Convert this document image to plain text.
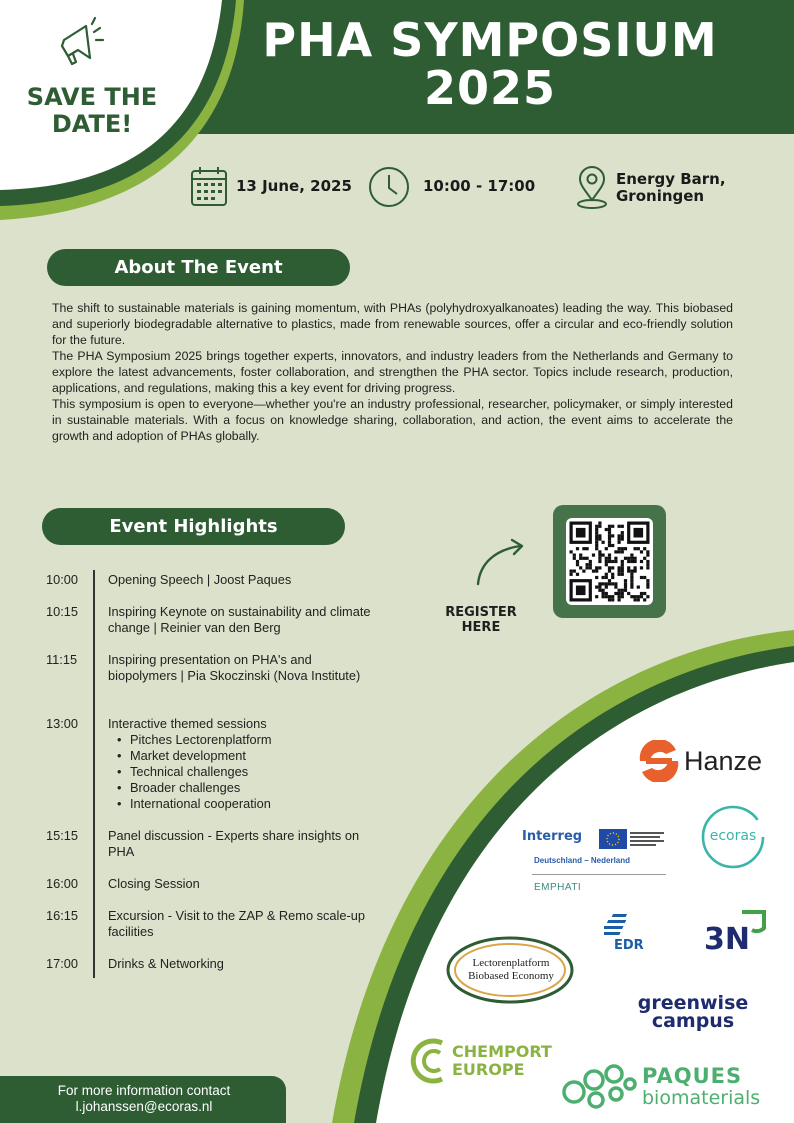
SAVE THE
DATE!
PHA SYMPOSIUM
2025
13 June, 2025	10:00 - 17:00	Energy Barn,
Groningen
About The Event

The shift to sustainable materials is gaining momentum, with PHAs (polyhydroxyalkanoates) leading the way. This biobased and superiorly biodegradable alternative to plastics, made from renewable sources, offer a circular and eco-friendly solution for the future.

The PHA Symposium 2025 brings together experts, innovators, and industry leaders from the Netherlands and Germany to explore the latest advancements, foster collaboration, and strengthen the PHA sector. Topics include research, production, applications, and regulations, making this a key event for driving progress.

This symposium is open to everyone—whether you're an industry professional, researcher, policymaker, or simply interested in sustainable materials. With a focus on knowledge sharing, collaboration, and action, the event aims to accelerate the growth and adoption of PHAs globally.

Event Highlights
10:00	Opening Speech | Joost Paques
10:15	Inspiring Keynote on sustainability and climate change | Reinier van den Berg
11:15	Inspiring presentation on PHA's and biopolymers | Pia Skoczinski (Nova Institute)
13:00	Interactive themed sessions
• Pitches Lectorenplatform
• Market development
• Technical challenges
• Broader challenges
• International cooperation
15:15	Panel discussion - Experts share insights on PHA
16:00	Closing Session
16:15	Excursion - Visit to the ZAP & Remo scale-up facilities
17:00	Drinks & Networking
REGISTER
HERE
Hanze
ecoras
Interreg
Deutschland – Nederland
EMPHATI
EDR 3N
Lectorenplatform
Biobased Economy
greenwise
campus
CHEMPORT
EUROPE	PAQUES
biomaterials
For more information contact
l.johanssen@ecoras.nl
